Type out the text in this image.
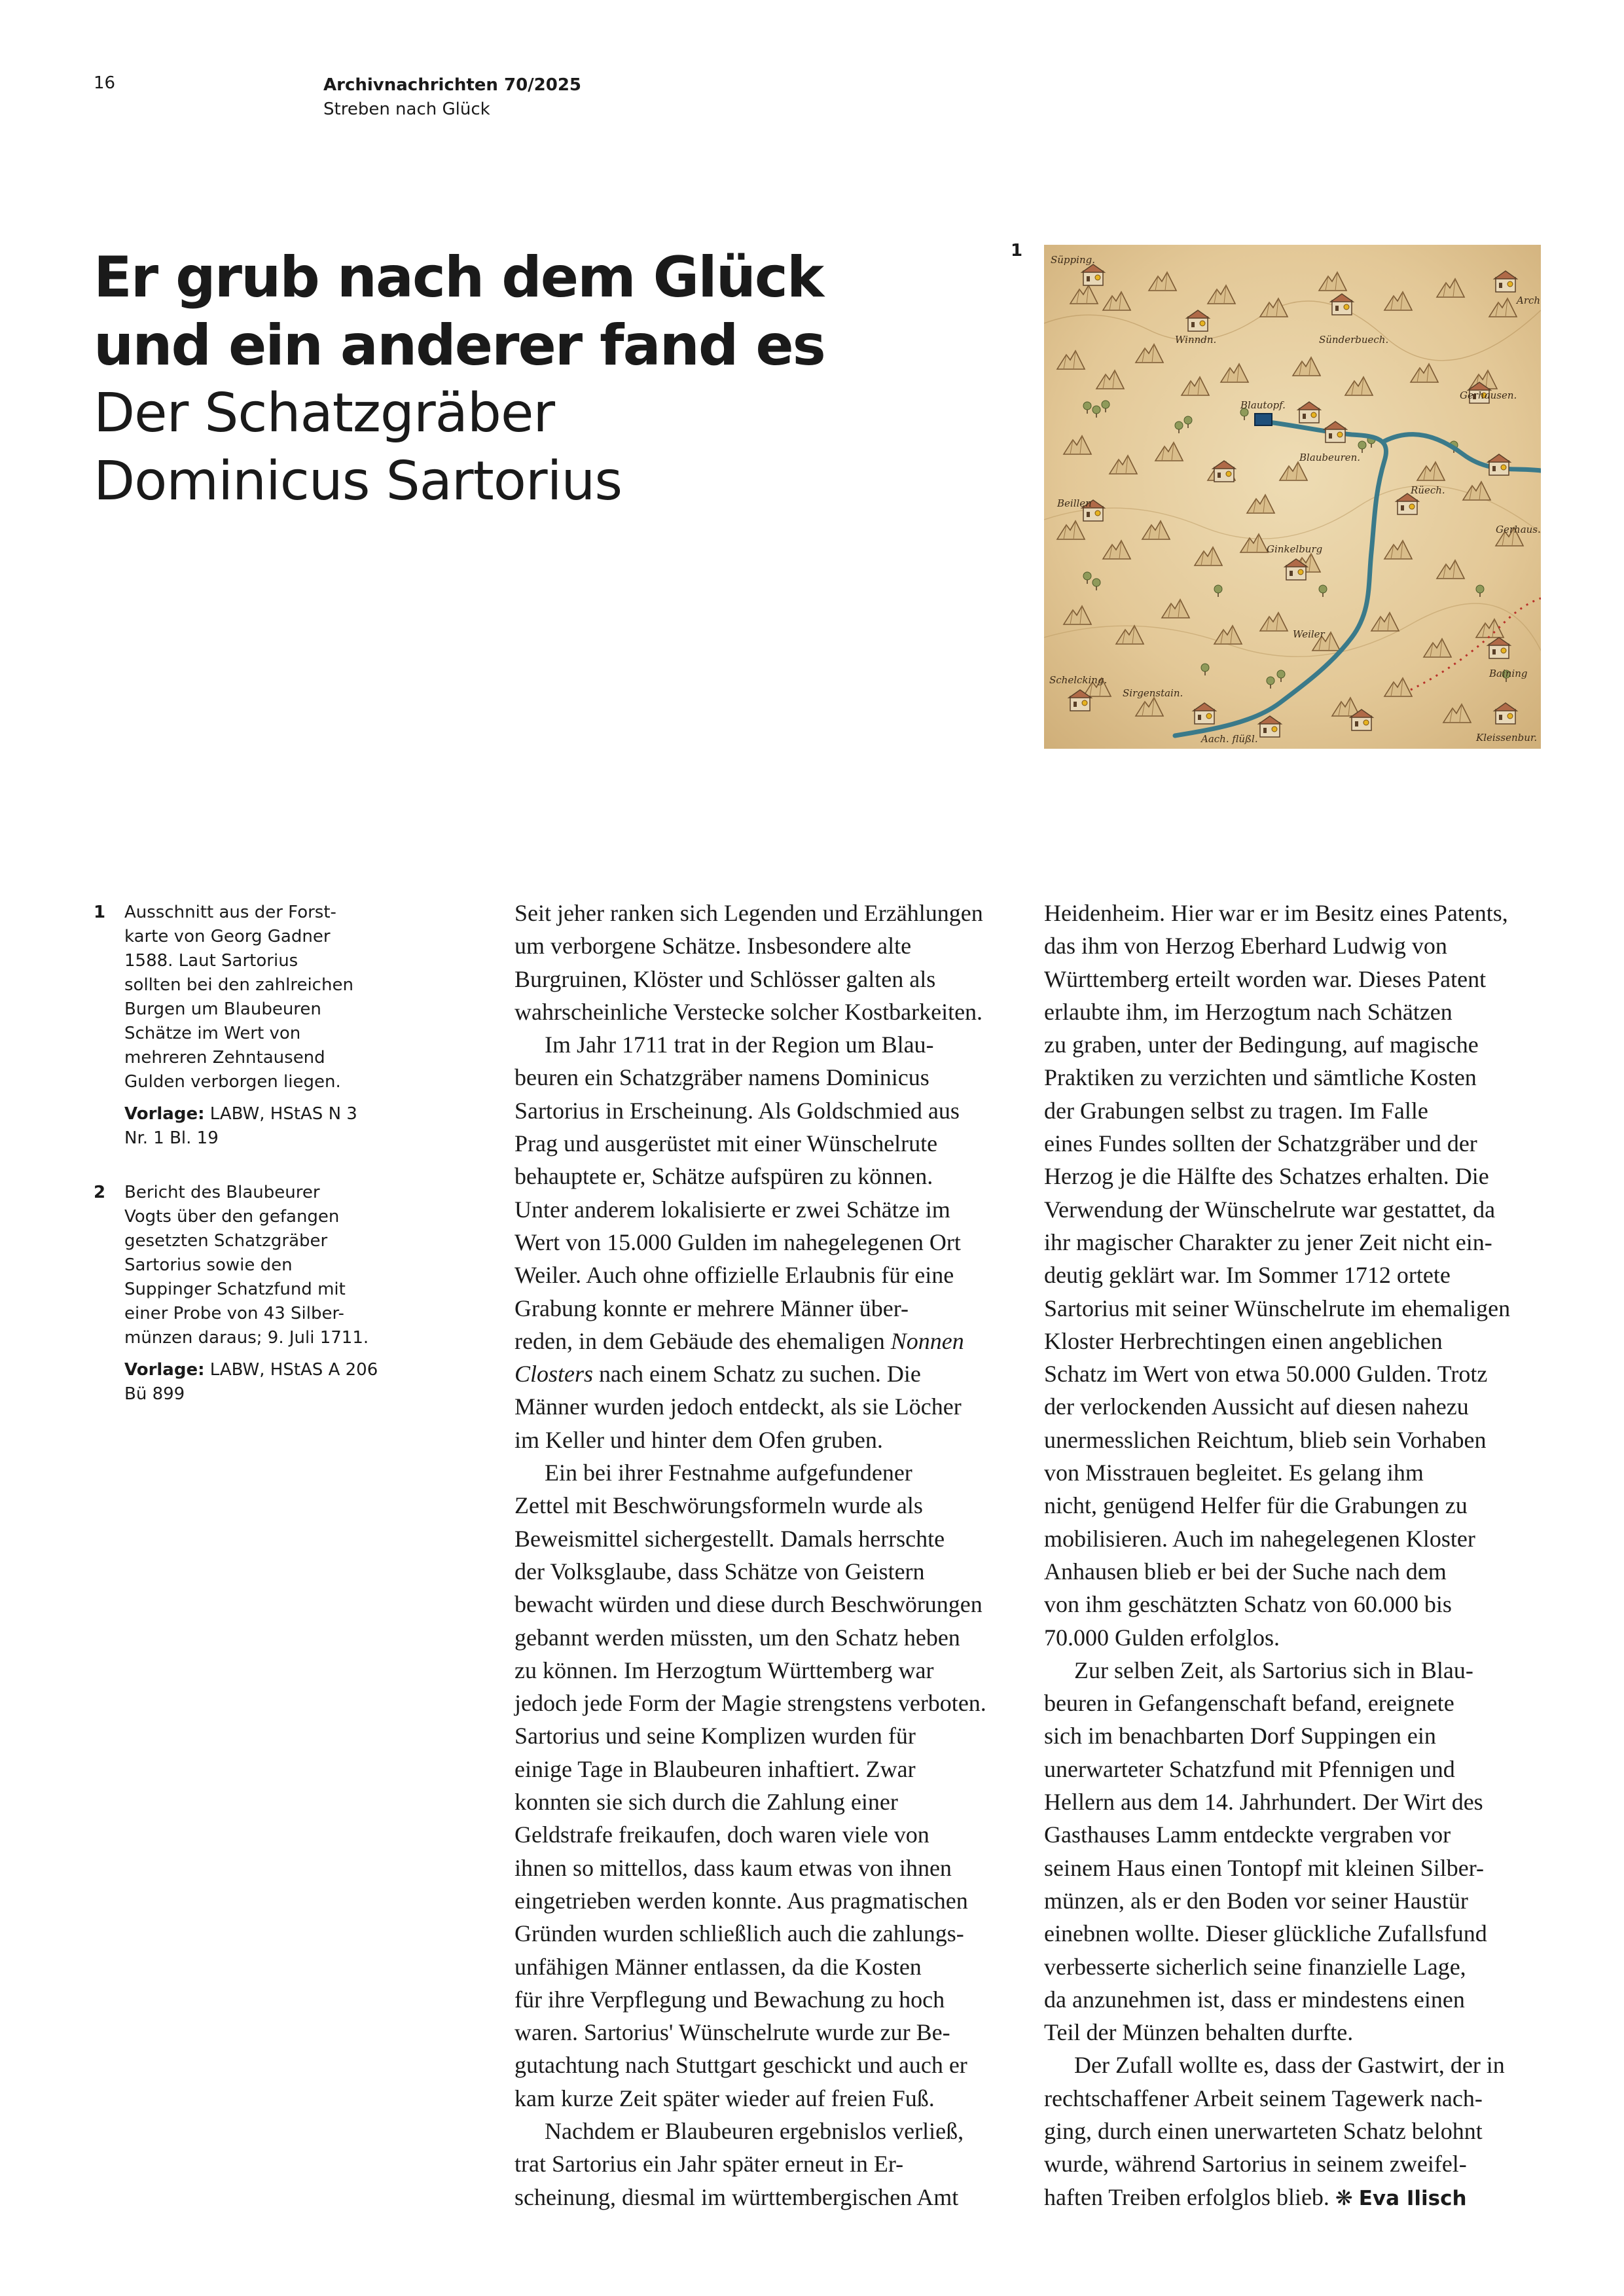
16	Archivnachrichten 70/2025
Streben nach Glück
Er grub nach dem Glück
und ein anderer fand es
Der Schatzgräber
Dominicus Sartorius
1	Süpping.
Winndn.	Sünderbuech.
Blautopf.
Blaubeuren.
Gerhausen.
Beillen
Rüech.
Gerhaus.
Ginkelburg
Weiler
Schelcking.
Sirgenstain.
Aach. flüßl.
Baining
Kleissenbur.
Arch
1 Ausschnitt aus der Forst-
karte von Georg Gadner
1588. Laut Sartorius
sollten bei den zahlreichen
Burgen um Blaubeuren
Schätze im Wert von
mehreren Zehntausend
Gulden verborgen liegen.
Vorlage: LABW, HStAS N 3
Nr. 1 Bl. 19
2 Bericht des Blaubeurer
Vogts über den gefangen
gesetzten Schatzgräber
Sartorius sowie den
Suppinger Schatzfund mit
einer Probe von 43 Silber-
münzen daraus; 9. Juli 1711.
Vorlage: LABW, HStAS A 206
Bü 899
Seit jeher ranken sich Legenden und Erzählungen
um verborgene Schätze. Insbesondere alte
Burgruinen, Klöster und Schlösser galten als
wahrscheinliche Verstecke solcher Kostbarkeiten.
Im Jahr 1711 trat in der Region um Blau-
beuren ein Schatzgräber namens Dominicus
Sartorius in Erscheinung. Als Goldschmied aus
Prag und ausgerüstet mit einer Wünschelrute
behauptete er, Schätze aufspüren zu können.
Unter anderem lokalisierte er zwei Schätze im
Wert von 15.000 Gulden im nahegelegenen Ort
Weiler. Auch ohne offizielle Erlaubnis für eine
Grabung konnte er mehrere Männer über-
reden, in dem Gebäude des ehemaligen Nonnen
Closters nach einem Schatz zu suchen. Die
Männer wurden jedoch entdeckt, als sie Löcher
im Keller und hinter dem Ofen gruben.
Ein bei ihrer Festnahme aufgefundener
Zettel mit Beschwörungsformeln wurde als
Beweismittel sichergestellt. Damals herrschte
der Volksglaube, dass Schätze von Geistern
bewacht würden und diese durch Beschwörungen
gebannt werden müssten, um den Schatz heben
zu können. Im Herzogtum Württemberg war
jedoch jede Form der Magie strengstens verboten.
Sartorius und seine Komplizen wurden für
einige Tage in Blaubeuren inhaftiert. Zwar
konnten sie sich durch die Zahlung einer
Geldstrafe freikaufen, doch waren viele von
ihnen so mittellos, dass kaum etwas von ihnen
eingetrieben werden konnte. Aus pragmatischen
Gründen wurden schließlich auch die zahlungs-
unfähigen Männer entlassen, da die Kosten
für ihre Verpflegung und Bewachung zu hoch
waren. Sartorius' Wünschelrute wurde zur Be-
gutachtung nach Stuttgart geschickt und auch er
kam kurze Zeit später wieder auf freien Fuß.
Nachdem er Blaubeuren ergebnislos verließ,
trat Sartorius ein Jahr später erneut in Er-
scheinung, diesmal im württembergischen Amt
Heidenheim. Hier war er im Besitz eines Patents,
das ihm von Herzog Eberhard Ludwig von
Württemberg erteilt worden war. Dieses Patent
erlaubte ihm, im Herzogtum nach Schätzen
zu graben, unter der Bedingung, auf magische
Praktiken zu verzichten und sämtliche Kosten
der Grabungen selbst zu tragen. Im Falle
eines Fundes sollten der Schatzgräber und der
Herzog je die Hälfte des Schatzes erhalten. Die
Verwendung der Wünschelrute war gestattet, da
ihr magischer Charakter zu jener Zeit nicht ein-
deutig geklärt war. Im Sommer 1712 ortete
Sartorius mit seiner Wünschelrute im ehemaligen
Kloster Herbrechtingen einen angeblichen
Schatz im Wert von etwa 50.000 Gulden. Trotz
der verlockenden Aussicht auf diesen nahezu
unermesslichen Reichtum, blieb sein Vorhaben
von Misstrauen begleitet. Es gelang ihm
nicht, genügend Helfer für die Grabungen zu
mobilisieren. Auch im nahegelegenen Kloster
Anhausen blieb er bei der Suche nach dem
von ihm geschätzten Schatz von 60.000 bis
70.000 Gulden erfolglos.
Zur selben Zeit, als Sartorius sich in Blau-
beuren in Gefangenschaft befand, ereignete
sich im benachbarten Dorf Suppingen ein
unerwarteter Schatzfund mit Pfennigen und
Hellern aus dem 14. Jahrhundert. Der Wirt des
Gasthauses Lamm entdeckte vergraben vor
seinem Haus einen Tontopf mit kleinen Silber-
münzen, als er den Boden vor seiner Haustür
einebnen wollte. Dieser glückliche Zufallsfund
verbesserte sicherlich seine finanzielle Lage,
da anzunehmen ist, dass er mindestens einen
Teil der Münzen behalten durfte.
Der Zufall wollte es, dass der Gastwirt, der in
rechtschaffener Arbeit seinem Tagewerk nach-
ging, durch einen unerwarteten Schatz belohnt
wurde, während Sartorius in seinem zweifel-
haften Treiben erfolglos blieb. ❋ Eva Ilisch
